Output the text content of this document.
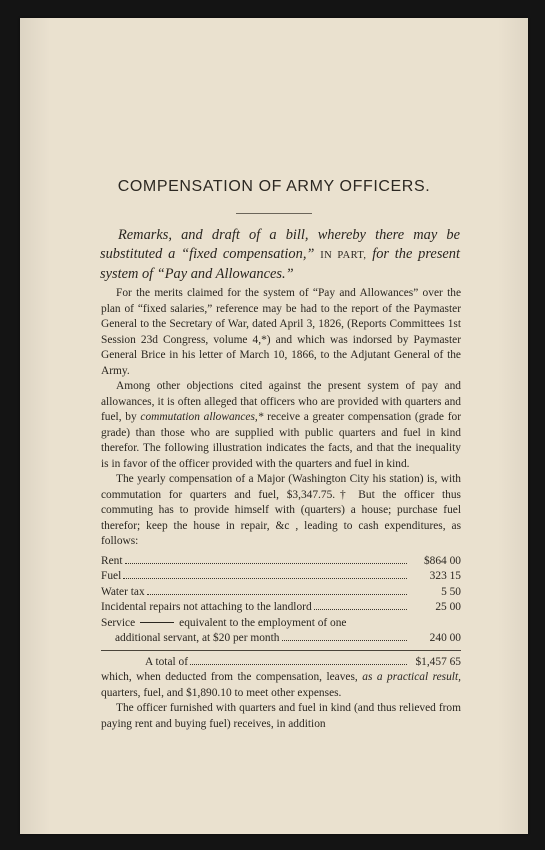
COMPENSATION OF ARMY OFFICERS.
Remarks, and draft of a bill, whereby there may be substituted a “fixed compensation,” IN PART, for the present system of “Pay and Allowances.”

For the merits claimed for the system of “Pay and Allowances” over the plan of “fixed salaries,” reference may be had to the report of the Paymaster General to the Secretary of War, dated April 3, 1826, (Reports Committees 1st Session 23d Congress, volume 4,*) and which was indorsed by Paymaster General Brice in his letter of March 10, 1866, to the Adjutant General of the Army.

Among other objections cited against the present system of pay and allowances, it is often alleged that officers who are provided with quarters and fuel, by commutation allowances,* receive a greater compensation (grade for grade) than those who are supplied with public quarters and fuel in kind therefor. The following illustration indicates the facts, and that the inequality is in favor of the officer provided with the quarters and fuel in kind.

The yearly compensation of a Major (Washington City his station) is, with commutation for quarters and fuel, $3,347.75.† But the officer thus commuting has to provide himself with (quarters) a house; purchase fuel therefor; keep the house in repair, &c , leading to cash expenditures, as follows:

Rent	$864 00
Fuel	323 15
Water tax	5 50
Incidental repairs not attaching to the landlord	25 00
Service	equivalent to the employment of one
additional servant, at $20 per month	240 00
A total of	$1,457 65

which, when deducted from the compensation, leaves, as a practical result, quarters, fuel, and $1,890.10 to meet other expenses.

The officer furnished with quarters and fuel in kind (and thus relieved from paying rent and buying fuel) receives, in addition
